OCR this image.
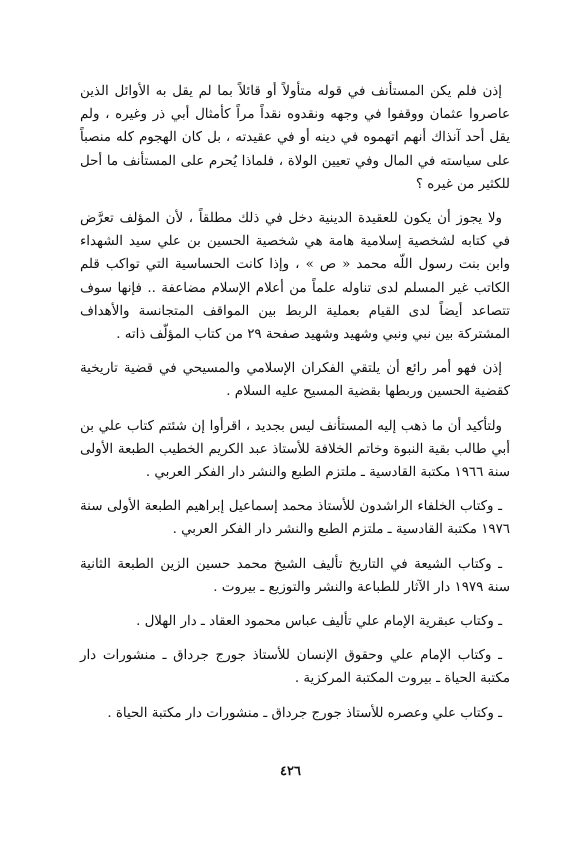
إذن فلم يكن المستأنف في قوله متأولاً أو قائلاً بما لم يقل به الأوائل الذين عاصروا عثمان ووقفوا في وجهه ونقدوه نقداً مراً كأمثال أبي ذر وغيره ، ولم يقل أحد آنذاك أنهم اتهموه في دينه أو في عقيدته ، بل كان الهجوم كله منصباً على سياسته في المال وفي تعيين الولاة ، فلماذا يُحرم على المستأنف ما أحل للكثير من غيره ؟

ولا يجوز أن يكون للعقيدة الدينية دخل في ذلك مطلقاً ، لأن المؤلف تعرَّض في كتابه لشخصية إسلامية هامة هي شخصية الحسين بن علي سيد الشهداء وابن بنت رسول اللّه محمد « ص » ، وإذا كانت الحساسية التي تواكب قلم الكاتب غير المسلم لدى تناوله علماً من أعلام الإسلام مضاعفة .. فإنها سوف تتصاعد أيضاً لدى القيام بعملية الربط بين المواقف المتجانسة والأهداف المشتركة بين نبي ونبي وشهيد وشهيد صفحة ٢٩ من كتاب المؤلّف ذاته .

إذن فهو أمر رائع أن يلتقي الفكران الإسلامي والمسيحي في قضية تاريخية كقضية الحسين وربطها بقضية المسيح عليه السلام .

ولتأكيد أن ما ذهب إليه المستأنف ليس بجديد ، اقرأوا إن شئتم كتاب علي بن أبي طالب بقية النبوة وخاتم الخلافة للأستاذ عبد الكريم الخطيب الطبعة الأولى سنة ١٩٦٦ مكتبة القادسية ـ ملتزم الطبع والنشر دار الفكر العربي .

ـ وكتاب الخلفاء الراشدون للأستاذ محمد إسماعيل إبراهيم الطبعة الأولى سنة ١٩٧٦ مكتبة القادسية ـ ملتزم الطبع والنشر دار الفكر العربي .

ـ وكتاب الشيعة في التاريخ تأليف الشيخ محمد حسين الزين الطبعة الثانية سنة ١٩٧٩ دار الآثار للطباعة والنشر والتوزيع ـ بيروت .

ـ وكتاب عبقرية الإمام علي تأليف عباس محمود العقاد ـ دار الهلال .

ـ وكتاب الإمام علي وحقوق الإنسان للأستاذ جورج جرداق ـ منشورات دار مكتبة الحياة ـ بيروت المكتبة المركزية .

ـ وكتاب علي وعصره للأستاذ جورج جرداق ـ منشورات دار مكتبة الحياة .

٤٢٦
